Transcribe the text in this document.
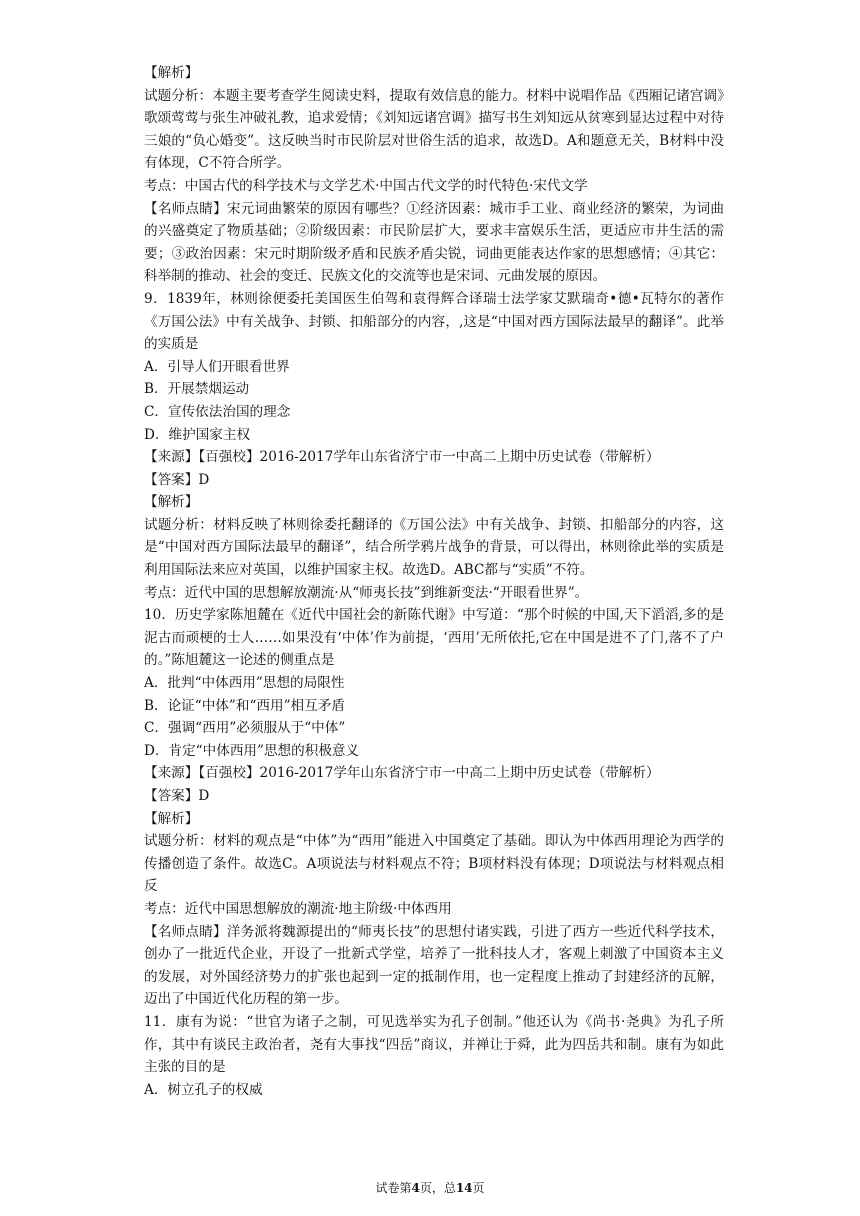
【解析】

试题分析：本题主要考查学生阅读史料，提取有效信息的能力。材料中说唱作品《西厢记诸宫调》歌颂莺莺与张生冲破礼教，追求爱情；《刘知远诸宫调》描写书生刘知远从贫寒到显达过程中对待三娘的“负心婚变”。这反映当时市民阶层对世俗生活的追求，故选D。A和题意无关，B材料中没有体现，C不符合所学。

考点：中国古代的科学技术与文学艺术·中国古代文学的时代特色·宋代文学

【名师点睛】宋元词曲繁荣的原因有哪些？①经济因素：城市手工业、商业经济的繁荣，为词曲的兴盛奠定了物质基础；②阶级因素：市民阶层扩大，要求丰富娱乐生活，更适应市井生活的需要；③政治因素：宋元时期阶级矛盾和民族矛盾尖锐，词曲更能表达作家的思想感情；④其它：科举制的推动、社会的变迁、民族文化的交流等也是宋词、元曲发展的原因。

9．1839年，林则徐便委托美国医生伯驾和袁得辉合译瑞士法学家艾默瑞奇•德•瓦特尔的著作《万国公法》中有关战争、封锁、扣船部分的内容，,这是“中国对西方国际法最早的翻译”。此举的实质是

A．引导人们开眼看世界

B．开展禁烟运动

C．宣传依法治国的理念

D．维护国家主权

【来源】【百强校】2016-2017学年山东省济宁市一中高二上期中历史试卷（带解析）

【答案】D

【解析】

试题分析：材料反映了林则徐委托翻译的《万国公法》中有关战争、封锁、扣船部分的内容，这是“中国对西方国际法最早的翻译”，结合所学鸦片战争的背景，可以得出，林则徐此举的实质是利用国际法来应对英国，以维护国家主权。故选D。ABC都与“实质”不符。

考点：近代中国的思想解放潮流·从“师夷长技”到维新变法·“开眼看世界”。

10．历史学家陈旭麓在《近代中国社会的新陈代谢》中写道：“那个时候的中国,天下滔滔,多的是泥古而顽梗的士人……如果没有‘中体’作为前提，‘西用’无所依托,它在中国是进不了门,落不了户的。”陈旭麓这一论述的侧重点是

A．批判“中体西用”思想的局限性

B．论证“中体”和“西用”相互矛盾

C．强调“西用”必须服从于“中体”

D．肯定“中体西用”思想的积极意义

【来源】【百强校】2016-2017学年山东省济宁市一中高二上期中历史试卷（带解析）

【答案】D

【解析】

试题分析：材料的观点是“中体”为“西用”能进入中国奠定了基础。即认为中体西用理论为西学的传播创造了条件。故选C。A项说法与材料观点不符；B项材料没有体现；D项说法与材料观点相反

考点：近代中国思想解放的潮流·地主阶级·中体西用

【名师点睛】洋务派将魏源提出的“师夷长技”的思想付诸实践，引进了西方一些近代科学技术，创办了一批近代企业，开设了一批新式学堂，培养了一批科技人才，客观上刺激了中国资本主义的发展，对外国经济势力的扩张也起到一定的抵制作用，也一定程度上推动了封建经济的瓦解，迈出了中国近代化历程的第一步。

11．康有为说：“世官为诸子之制，可见选举实为孔子创制。”他还认为《尚书·尧典》为孔子所作，其中有谈民主政治者，尧有大事找“四岳”商议，并禅让于舜，此为四岳共和制。康有为如此主张的目的是

A．树立孔子的权威

试卷第4页，总14页
